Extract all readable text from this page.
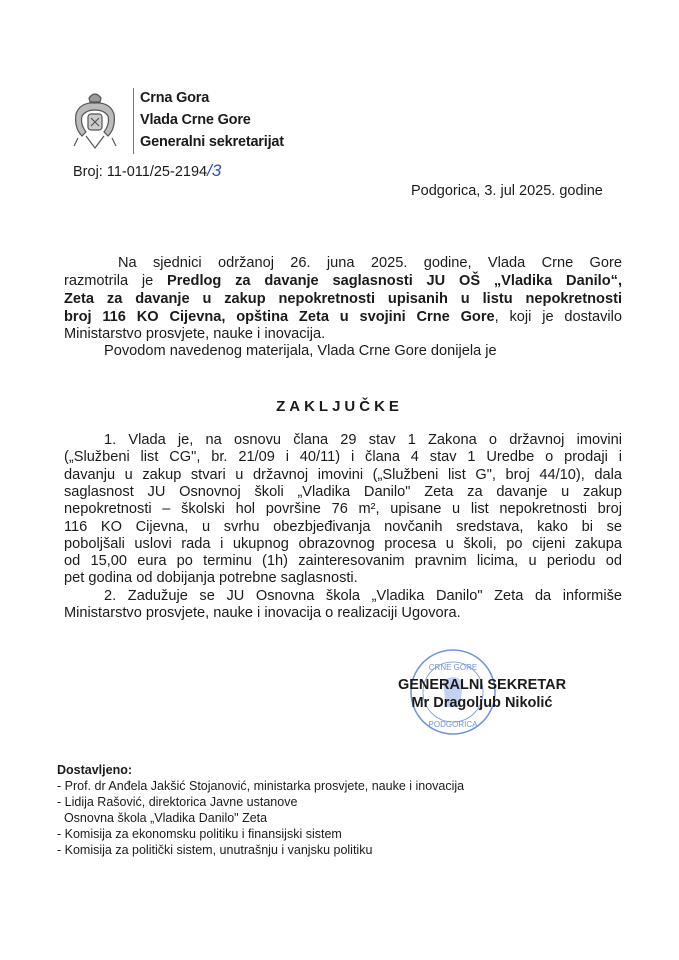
Crna Gora
Vlada Crne Gore
Generalni sekretarijat
Broj: 11-011/25-2194/3
Podgorica, 3. jul 2025. godine
Na sjednici održanoj 26. juna 2025. godine, Vlada Crne Gore
razmotrila je Predlog za davanje saglasnosti JU OŠ „Vladika Danilo“,
Zeta za davanje u zakup nepokretnosti upisanih u listu nepokretnosti
broj 116 KO Cijevna, opština Zeta u svojini Crne Gore, koji je dostavilo
Ministarstvo prosvjete, nauke i inovacija.
Povodom navedenog materijala, Vlada Crne Gore donijela je
ZAKLJUČKE
1. Vlada je, na osnovu člana 29 stav 1 Zakona o državnoj imovini
(„Službeni list CG", br. 21/09 i 40/11) i člana 4 stav 1 Uredbe o prodaji i
davanju u zakup stvari u državnoj imovini („Službeni list G", broj 44/10), dala
saglasnost JU Osnovnoj školi „Vladika Danilo" Zeta za davanje u zakup
nepokretnosti – školski hol površine 76 m², upisane u list nepokretnosti broj
116 KO Cijevna, u svrhu obezbjeđivanja novčanih sredstava, kako bi se
poboljšali uslovi rada i ukupnog obrazovnog procesa u školi, po cijeni zakupa
od 15,00 eura po terminu (1h) zainteresovanim pravnim licima, u periodu od
pet godina od dobijanja potrebne saglasnosti.
2. Zadužuje se JU Osnovna škola „Vladika Danilo" Zeta da informiše
Ministarstvo prosvjete, nauke i inovacija o realizaciji Ugovora.
CRNE GORE
PODGORICA
GENERALNI SEKRETAR
Mr Dragoljub Nikolić
Dostavljeno:
- Prof. dr Anđela Jakšić Stojanović, ministarka prosvjete, nauke i inovacija
- Lidija Rašović, direktorica Javne ustanove
Osnovna škola „Vladika Danilo" Zeta
- Komisija za ekonomsku politiku i finansijski sistem
- Komisija za politički sistem, unutrašnju i vanjsku politiku
